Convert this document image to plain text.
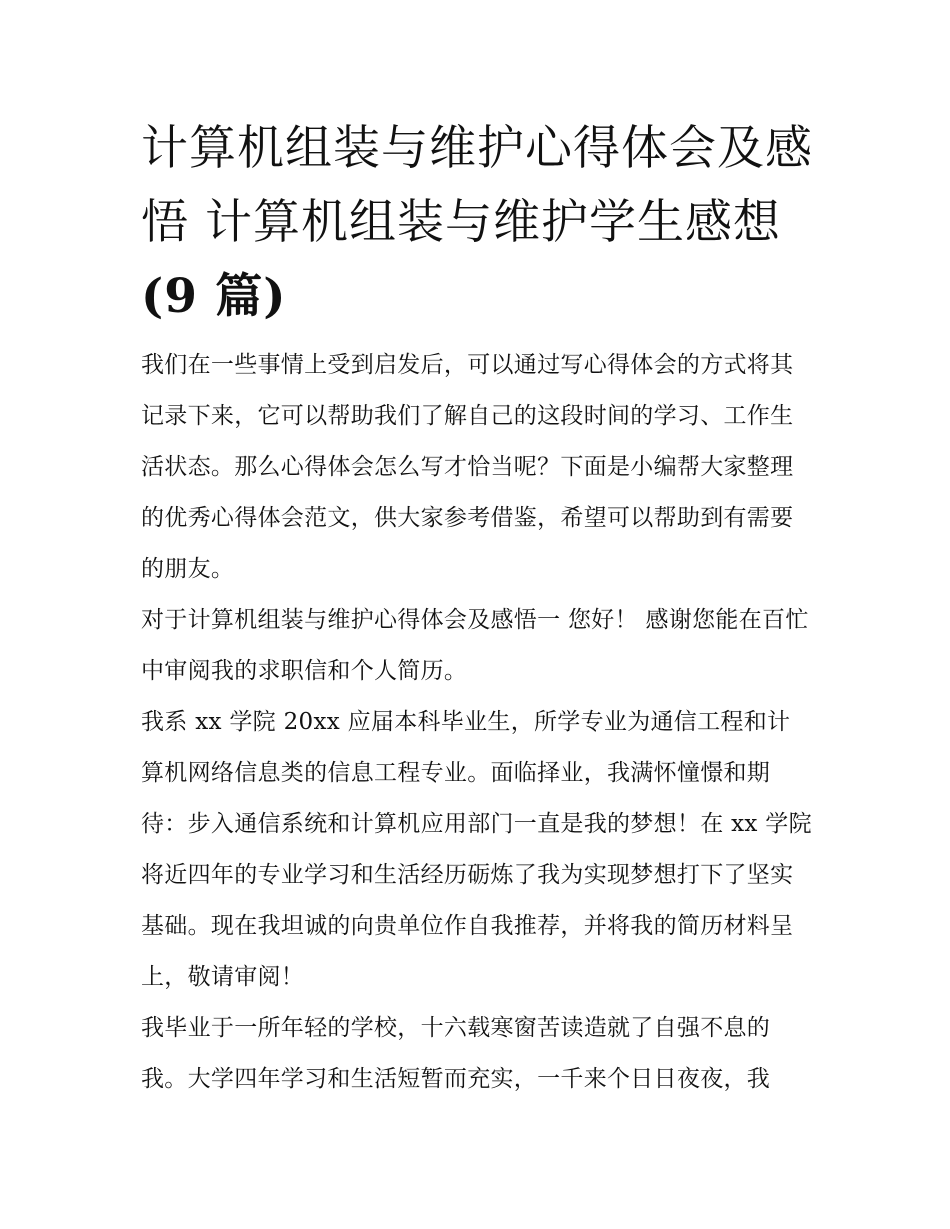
计算机组装与维护心得体会及感悟 计算机组装与维护学生感想(9 篇)

我们在一些事情上受到启发后，可以通过写心得体会的方式将其记录下来，它可以帮助我们了解自己的这段时间的学习、工作生活状态。那么心得体会怎么写才恰当呢？下面是小编帮大家整理的优秀心得体会范文，供大家参考借鉴，希望可以帮助到有需要的朋友。

对于计算机组装与维护心得体会及感悟一 您好！ 感谢您能在百忙中审阅我的求职信和个人简历。

我系 xx 学院 20xx 应届本科毕业生，所学专业为通信工程和计算机网络信息类的信息工程专业。面临择业，我满怀憧憬和期待：步入通信系统和计算机应用部门一直是我的梦想！在 xx 学院将近四年的专业学习和生活经历砺炼了我为实现梦想打下了坚实基础。现在我坦诚的向贵单位作自我推荐，并将我的简历材料呈上，敬请审阅！

我毕业于一所年轻的学校，十六载寒窗苦读造就了自强不息的我。大学四年学习和生活短暂而充实，一千来个日日夜夜，我
